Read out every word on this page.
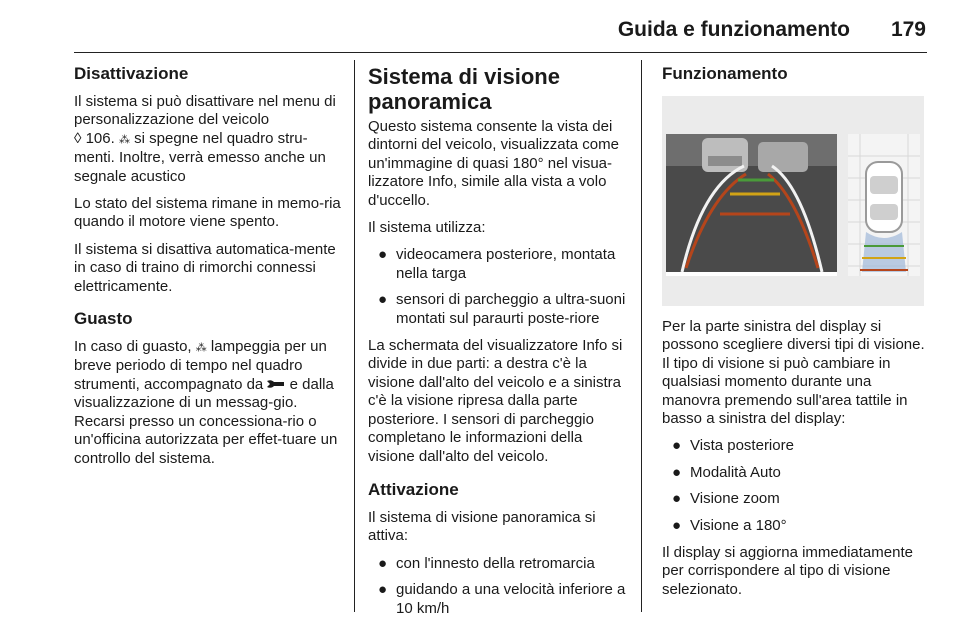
Guida e funzionamento	179
Disattivazione

Il sistema si può disattivare nel menu di personalizzazione del veicolo
◊ 106. ⁂ si spegne nel quadro stru-menti. Inoltre, verrà emesso anche un segnale acustico

Lo stato del sistema rimane in memo-ria quando il motore viene spento.

Il sistema si disattiva automatica-mente in caso di traino di rimorchi connessi elettricamente.

Guasto

In caso di guasto, ⁂ lampeggia per un breve periodo di tempo nel quadro strumenti, accompagnato da e dalla visualizzazione di un messag-gio. Recarsi presso un concessiona-rio o un'officina autorizzata per effet-tuare un controllo del sistema.

Sistema di visione panoramica

Questo sistema consente la vista dei dintorni del veicolo, visualizzata come un'immagine di quasi 180° nel visua-lizzatore Info, simile alla vista a volo d'uccello.

Il sistema utilizza:

● videocamera posteriore, montata nella targa
● sensori di parcheggio a ultra-suoni montati sul paraurti poste-riore

La schermata del visualizzatore Info si divide in due parti: a destra c'è la visione dall'alto del veicolo e a sinistra c'è la visione ripresa dalla parte posteriore. I sensori di parcheggio completano le informazioni della visione dall'alto del veicolo.

Attivazione

Il sistema di visione panoramica si attiva:

● con l'innesto della retromarcia
● guidando a una velocità inferiore a 10 km/h
Funzionamento

Per la parte sinistra del display si possono scegliere diversi tipi di visione. Il tipo di visione si può cambiare in qualsiasi momento durante una manovra premendo sull'area tattile in basso a sinistra del display:

● Vista posteriore
● Modalità Auto
● Visione zoom
● Visione a 180°

Il display si aggiorna immediatamente per corrispondere al tipo di visione selezionato.
